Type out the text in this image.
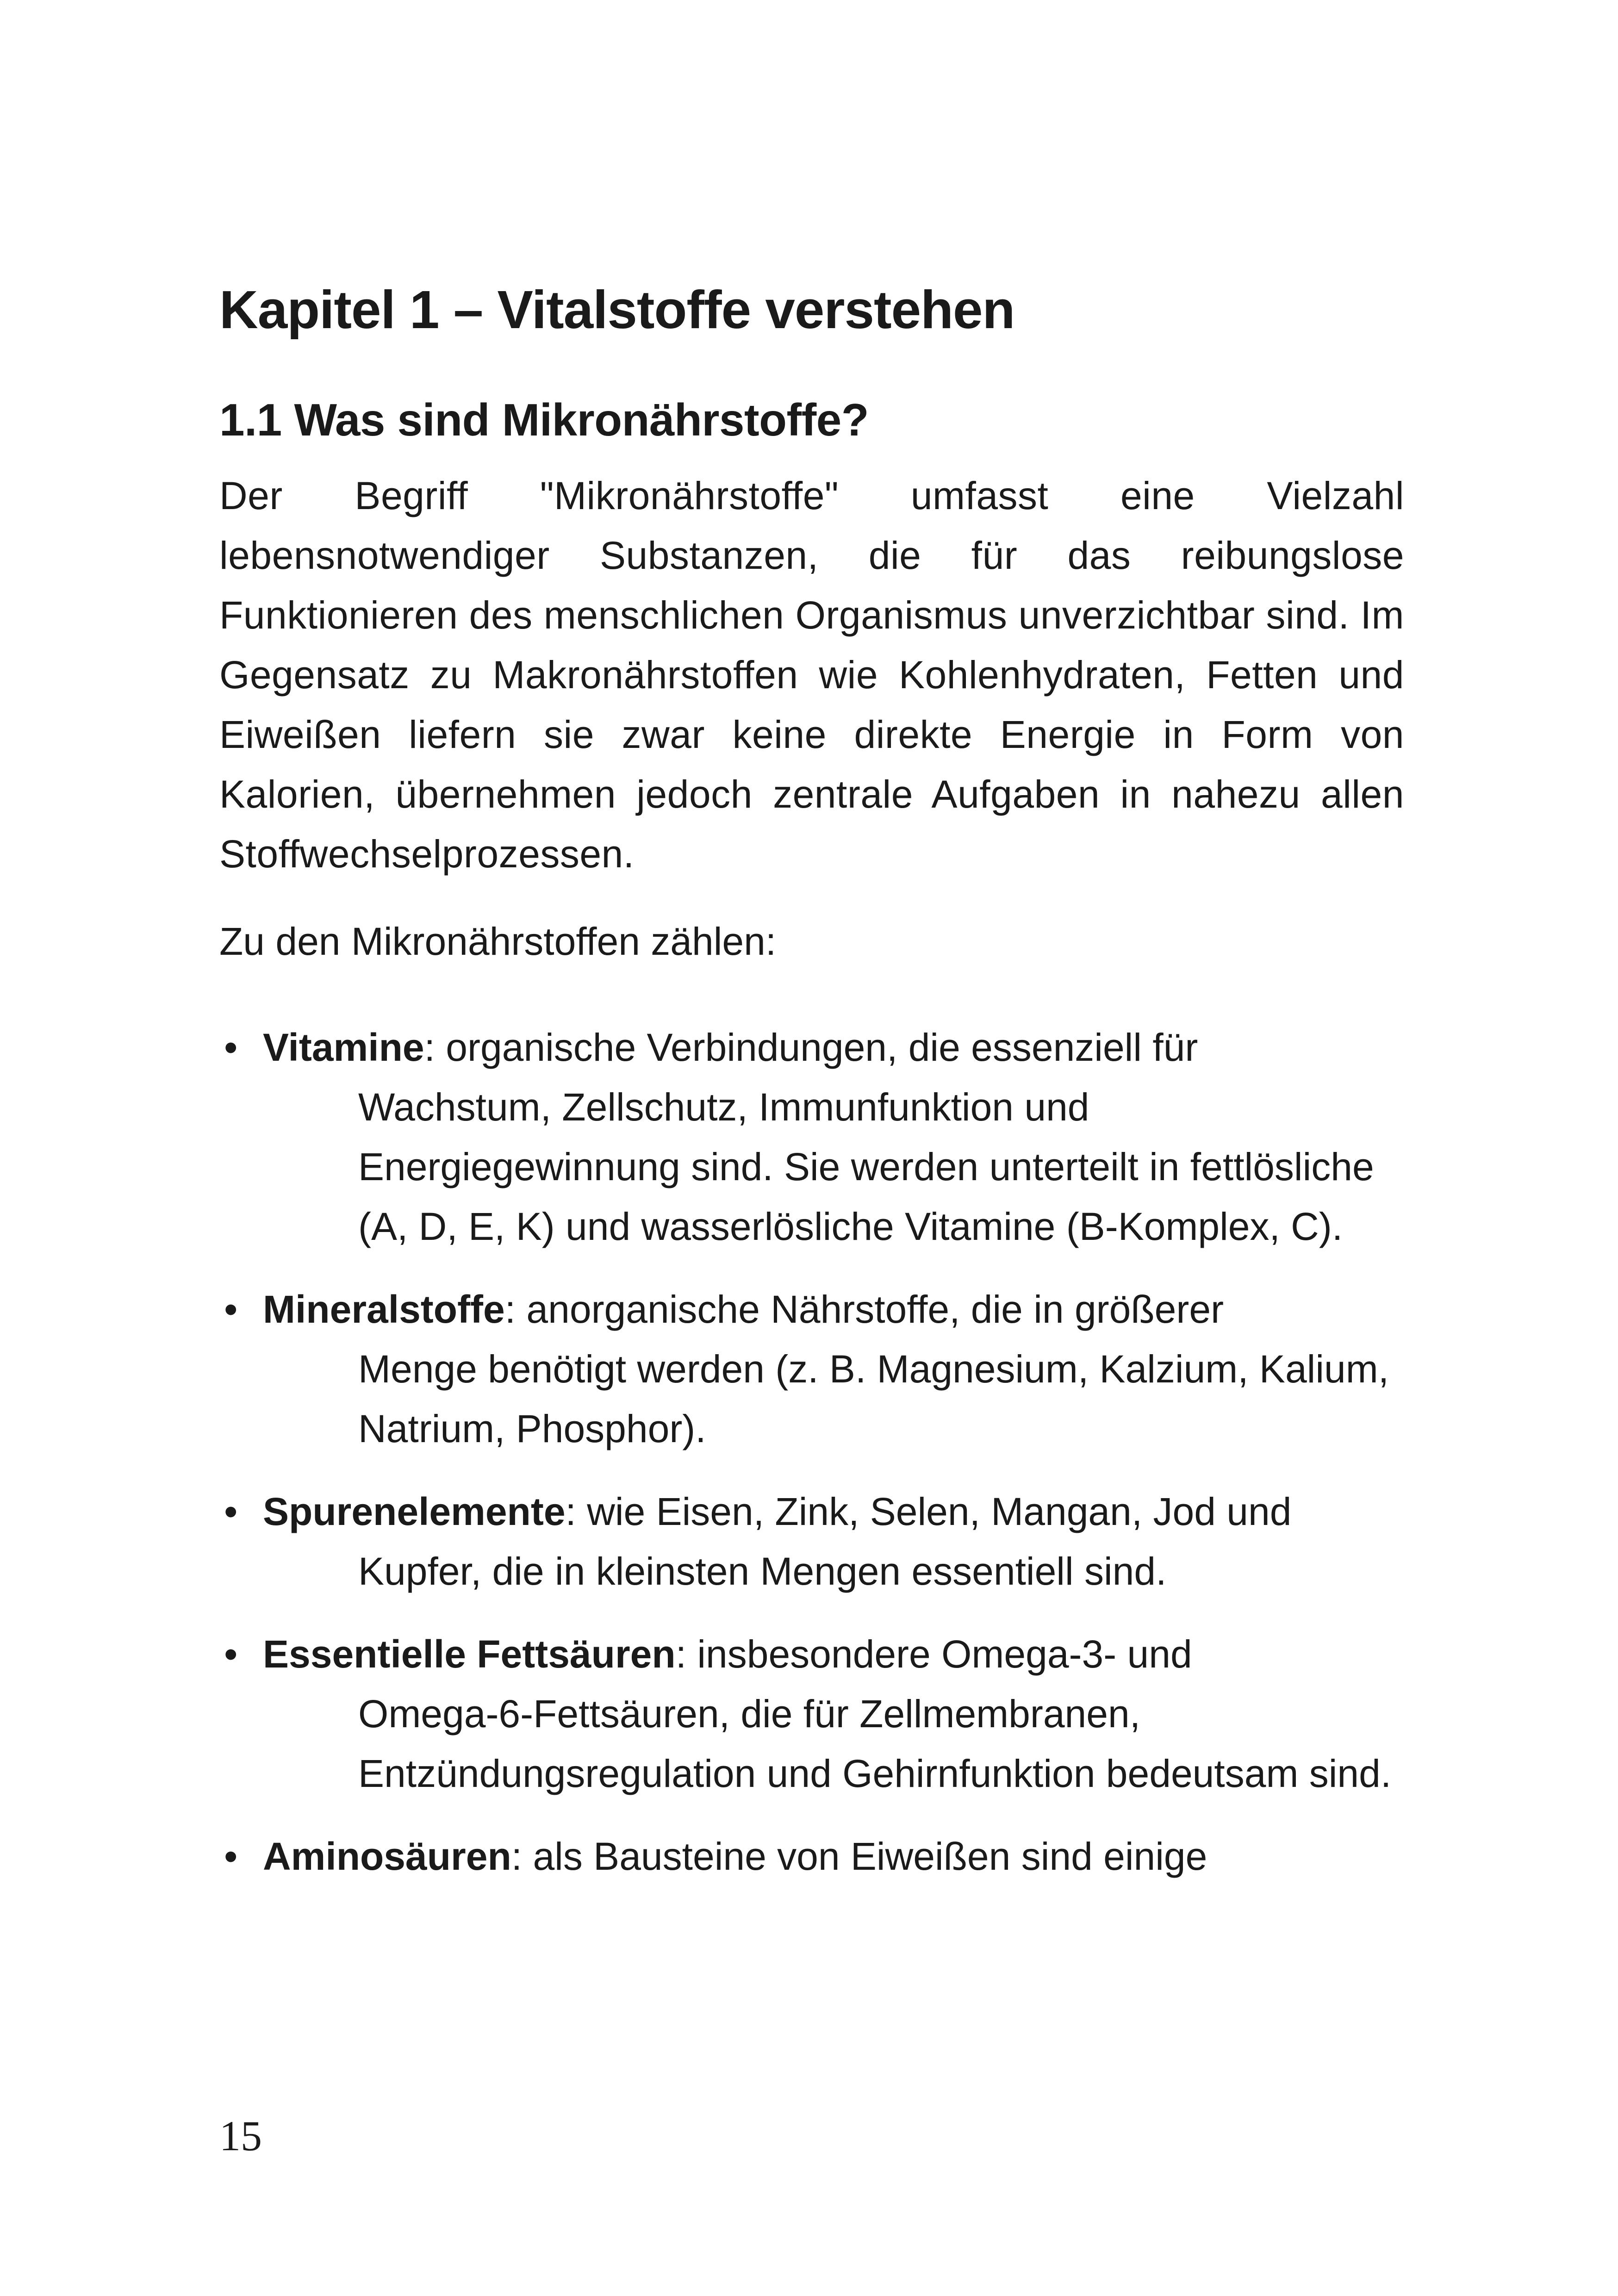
Kapitel 1 – Vitalstoffe verstehen
1.1 Was sind Mikronährstoffe?

Der Begriff "Mikronährstoffe" umfasst eine Vielzahl lebensnotwendiger Substanzen, die für das reibungslose Funktionieren des menschlichen Organismus unverzichtbar sind. Im Gegensatz zu Makronährstoffen wie Kohlenhydraten, Fetten und Eiweißen liefern sie zwar keine direkte Energie in Form von Kalorien, übernehmen jedoch zentrale Aufgaben in nahezu allen Stoffwechselprozessen.

Zu den Mikronährstoffen zählen:

• Vitamine: organische Verbindungen, die essenziell für
Wachstum, Zellschutz, Immunfunktion und Energiegewinnung sind. Sie werden unterteilt in fettlösliche (A, D, E, K) und wasserlösliche Vitamine (B-Komplex, C).
• Mineralstoffe: anorganische Nährstoffe, die in größerer
Menge benötigt werden (z. B. Magnesium, Kalzium, Kalium, Natrium, Phosphor).
• Spurenelemente: wie Eisen, Zink, Selen, Mangan, Jod und
Kupfer, die in kleinsten Mengen essentiell sind.
• Essentielle Fettsäuren: insbesondere Omega-3- und
Omega-6-Fettsäuren, die für Zellmembranen, Entzündungsregulation und Gehirnfunktion bedeutsam sind.
• Aminosäuren: als Bausteine von Eiweißen sind einige
15
